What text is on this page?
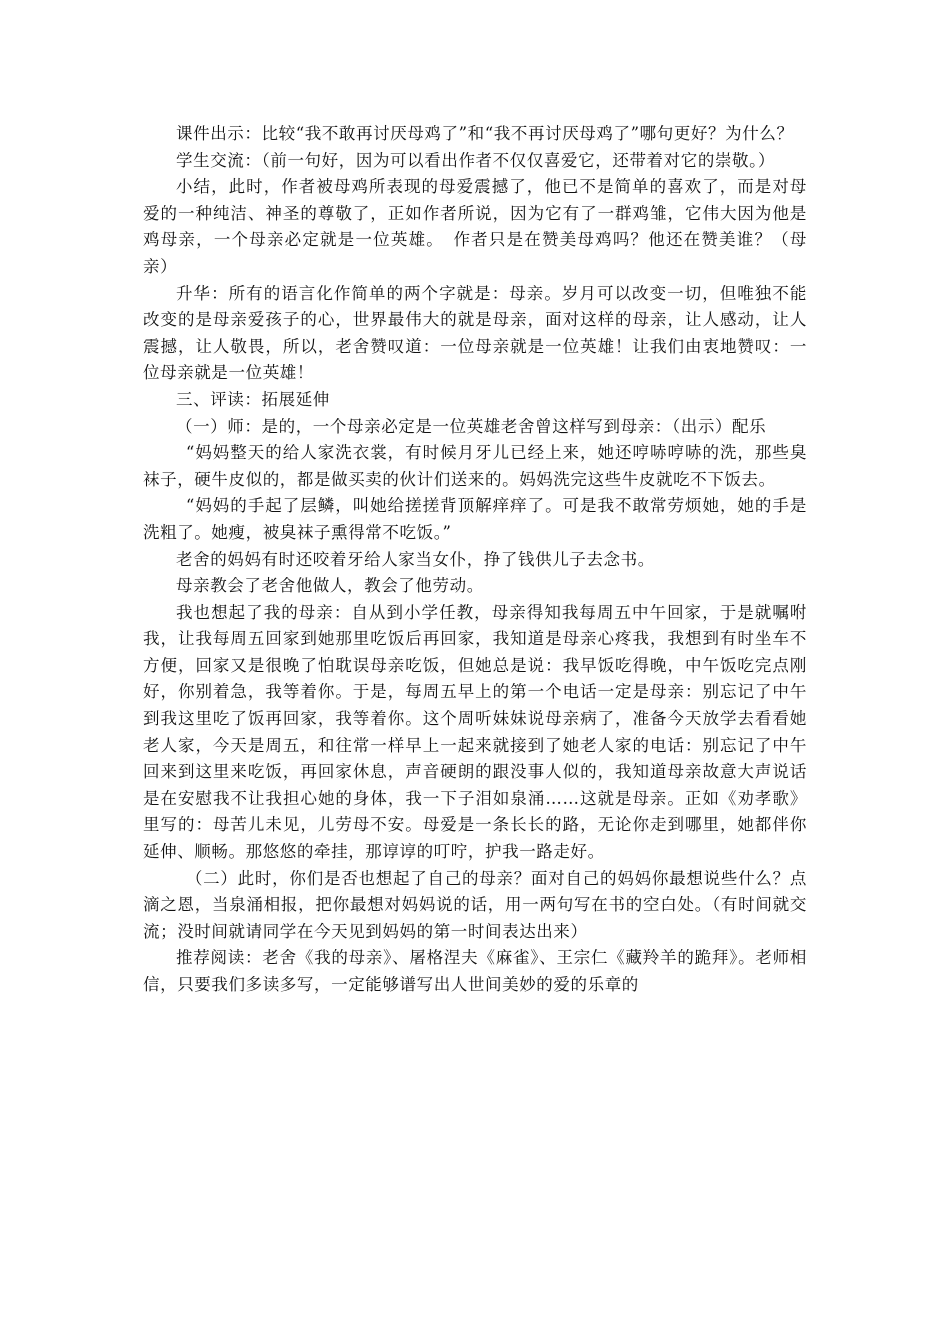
课件出示：比较“我不敢再讨厌母鸡了”和“我不再讨厌母鸡了”哪句更好？为什么？

学生交流：（前一句好，因为可以看出作者不仅仅喜爱它，还带着对它的崇敬。）

小结，此时，作者被母鸡所表现的母爱震撼了，他已不是简单的喜欢了，而是对母爱的一种纯洁、神圣的尊敬了，正如作者所说，因为它有了一群鸡雏，它伟大因为他是鸡母亲，一个母亲必定就是一位英雄。　作者只是在赞美母鸡吗？他还在赞美谁？（母亲）

升华：所有的语言化作简单的两个字就是：母亲。岁月可以改变一切，但唯独不能改变的是母亲爱孩子的心，世界最伟大的就是母亲，面对这样的母亲，让人感动，让人震撼，让人敬畏，所以，老舍赞叹道：一位母亲就是一位英雄！让我们由衷地赞叹：一位母亲就是一位英雄！

三、评读：拓展延伸

（一）师：是的，一个母亲必定是一位英雄老舍曾这样写到母亲：（出示）配乐

“妈妈整天的给人家洗衣裳，有时候月牙儿已经上来，她还哼哧哼哧的洗，那些臭袜子，硬牛皮似的，都是做买卖的伙计们送来的。妈妈洗完这些牛皮就吃不下饭去。

“妈妈的手起了层鳞，叫她给搓搓背顶解痒痒了。可是我不敢常劳烦她，她的手是洗粗了。她瘦，被臭袜子熏得常不吃饭。”

老舍的妈妈有时还咬着牙给人家当女仆，挣了钱供儿子去念书。

母亲教会了老舍他做人，教会了他劳动。

我也想起了我的母亲：自从到小学任教，母亲得知我每周五中午回家，于是就嘱咐我，让我每周五回家到她那里吃饭后再回家，我知道是母亲心疼我，我想到有时坐车不方便，回家又是很晚了怕耽误母亲吃饭，但她总是说：我早饭吃得晚，中午饭吃完点刚好，你别着急，我等着你。于是，每周五早上的第一个电话一定是母亲：别忘记了中午到我这里吃了饭再回家，我等着你。这个周听妹妹说母亲病了，准备今天放学去看看她老人家，今天是周五，和往常一样早上一起来就接到了她老人家的电话：别忘记了中午回来到这里来吃饭，再回家休息，声音硬朗的跟没事人似的，我知道母亲故意大声说话是在安慰我不让我担心她的身体，我一下子泪如泉涌……这就是母亲。正如《劝孝歌》里写的：母苦儿未见，儿劳母不安。母爱是一条长长的路，无论你走到哪里，她都伴你延伸、顺畅。那悠悠的牵挂，那谆谆的叮咛，护我一路走好。

（二）此时，你们是否也想起了自己的母亲？面对自己的妈妈你最想说些什么？点滴之恩，当泉涌相报，把你最想对妈妈说的话，用一两句写在书的空白处。（有时间就交流；没时间就请同学在今天见到妈妈的第一时间表达出来）

推荐阅读：老舍《我的母亲》、屠格涅夫《麻雀》、王宗仁《藏羚羊的跪拜》。老师相信，只要我们多读多写，一定能够谱写出人世间美妙的爱的乐章的
